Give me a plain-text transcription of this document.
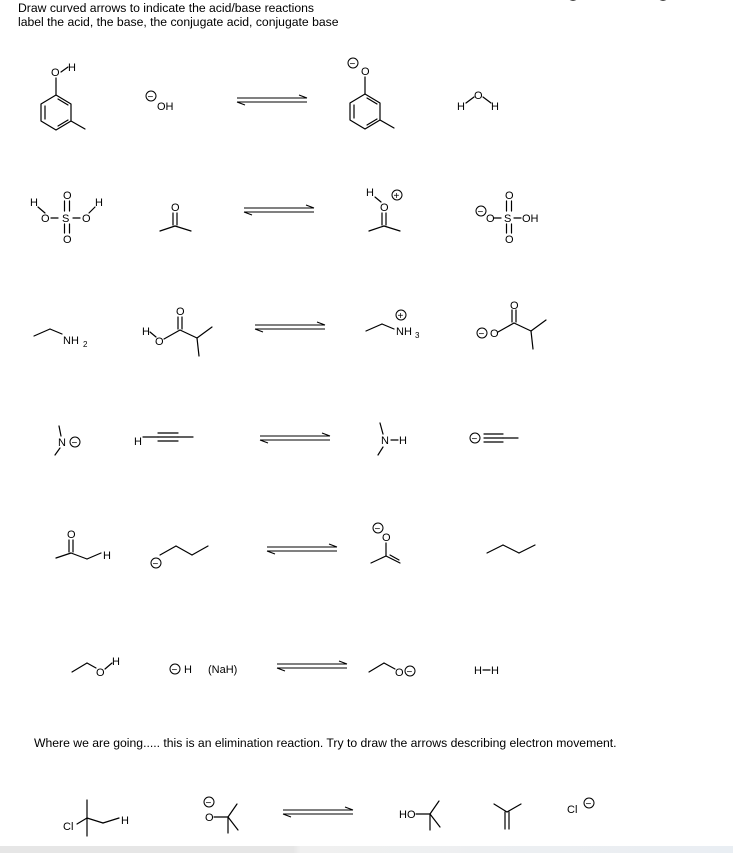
Draw curved arrows to indicate the acid/base reactions
label the acid, the base, the conjugate acid, conjugate base
O H
−
OH
O
−
H
O
H
H
O S O
H
O
O
O
H
O
+
−
O S OH
O
O
NH 2
H
O
O
NH 3
+
− O
O
N −	H	N H	−
O
H
−
−
O
O
H
− H (NaH)	O −	H H
Cl	H
−
O	HO	Cl −
Where we are going..... this is an elimination reaction. Try to draw the arrows describing electron movement.
